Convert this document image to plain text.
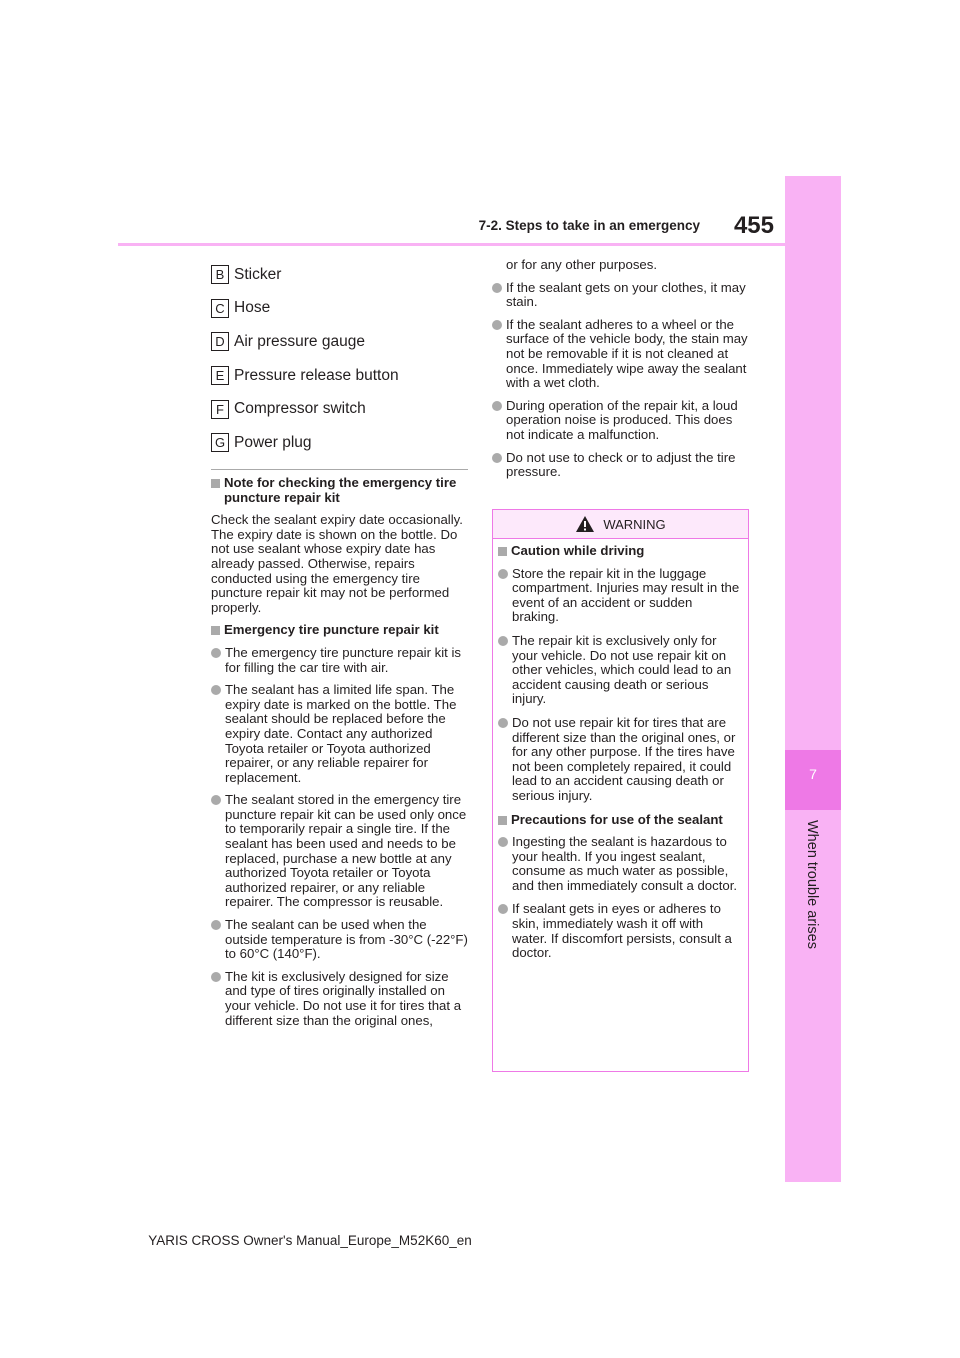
7
When trouble arises
7-2. Steps to take in an emergency	455
B Sticker
C Hose
D Air pressure gauge
E Pressure release button
F Compressor switch
G Power plug
Note for checking the emergency tire puncture repair kit

Check the sealant expiry date occasionally.

The expiry date is shown on the bottle. Do not use sealant whose expiry date has already passed. Otherwise, repairs conducted using the emergency tire puncture repair kit may not be performed properly.

Emergency tire puncture repair kit
The emergency tire puncture repair kit is for filling the car tire with air.
The sealant has a limited life span. The expiry date is marked on the bottle. The sealant should be replaced before the expiry date. Contact any authorized Toyota retailer or Toyota authorized repairer, or any reliable repairer for replacement.
The sealant stored in the emergency tire puncture repair kit can be used only once to temporarily repair a single tire. If the sealant has been used and needs to be replaced, purchase a new bottle at any authorized Toyota retailer or Toyota authorized repairer, or any reliable repairer. The compressor is reusable.
The sealant can be used when the outside temperature is from -30°C (-22°F) to 60°C (140°F).
The kit is exclusively designed for size and type of tires originally installed on your vehicle. Do not use it for tires that a different size than the original ones,

or for any other purposes.

If the sealant gets on your clothes, it may stain.
If the sealant adheres to a wheel or the surface of the vehicle body, the stain may not be removable if it is not cleaned at once. Immediately wipe away the sealant with a wet cloth.
During operation of the repair kit, a loud operation noise is produced. This does not indicate a malfunction.
Do not use to check or to adjust the tire pressure.
WARNING
Caution while driving
Store the repair kit in the luggage compartment. Injuries may result in the event of an accident or sudden braking.
The repair kit is exclusively only for your vehicle. Do not use repair kit on other vehicles, which could lead to an accident causing death or serious injury.
Do not use repair kit for tires that are different size than the original ones, or for any other purpose. If the tires have not been completely repaired, it could lead to an accident causing death or serious injury.
Precautions for use of the sealant
Ingesting the sealant is hazardous to your health. If you ingest sealant, consume as much water as possible, and then immediately consult a doctor.
If sealant gets in eyes or adheres to skin, immediately wash it off with water. If discomfort persists, consult a doctor.
YARIS CROSS Owner's Manual_Europe_M52K60_en
